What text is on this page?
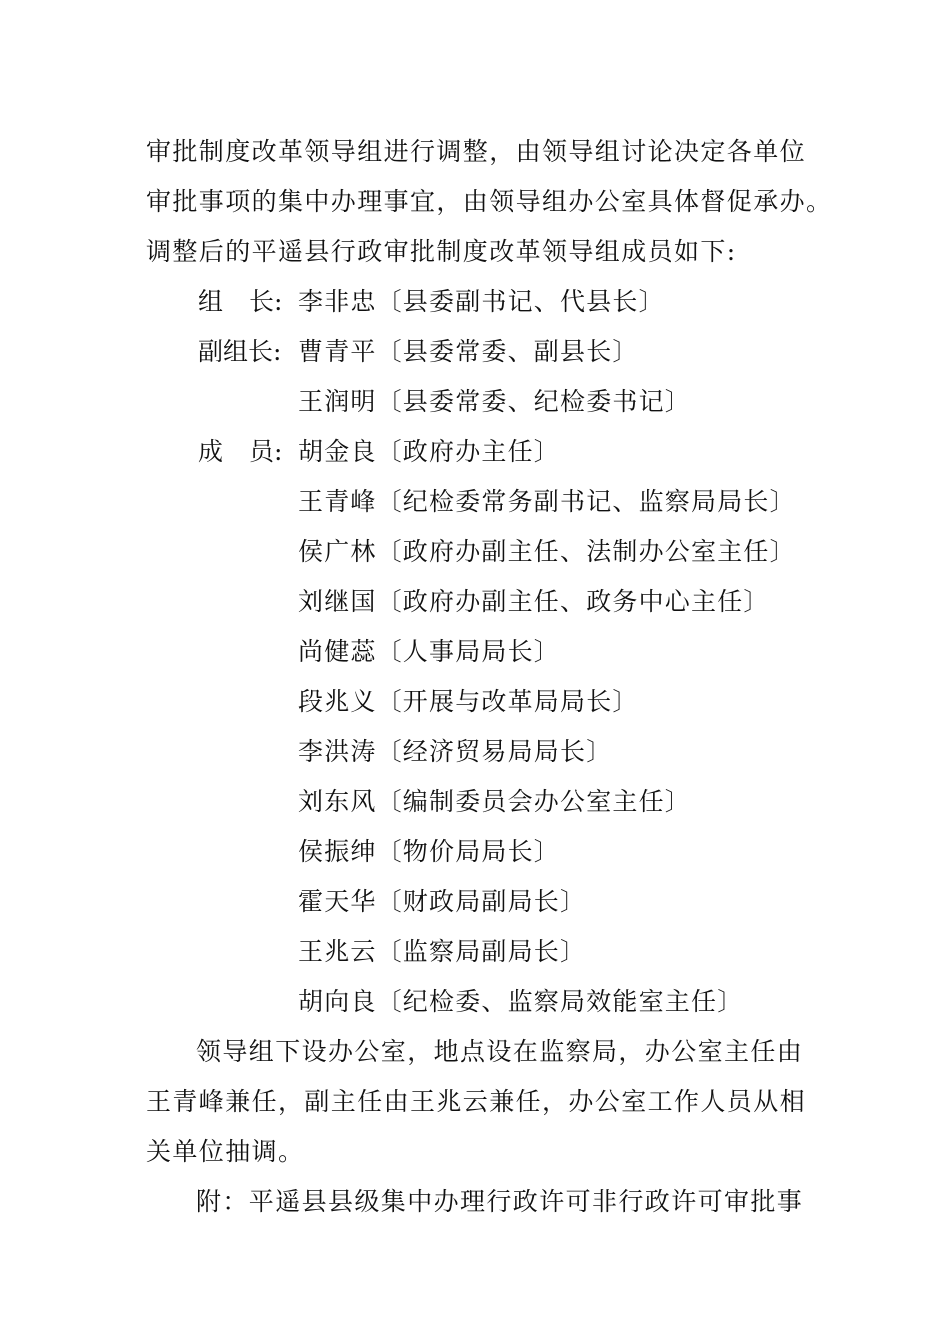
审批制度改革领导组进行调整，由领导组讨论决定各单位
审批事项的集中办理事宜，由领导组办公室具体督促承办。
调整后的平遥县行政审批制度改革领导组成员如下:
组 长: 李非忠〔县委副书记、代县长〕
副组长: 曹青平〔县委常委、副县长〕
王润明〔县委常委、纪检委书记〕
成 员: 胡金良〔政府办主任〕
王青峰〔纪检委常务副书记、监察局局长〕
侯广林〔政府办副主任、法制办公室主任〕
刘继国〔政府办副主任、政务中心主任〕
尚健蕊〔人事局局长〕
段兆义〔开展与改革局局长〕
李洪涛〔经济贸易局局长〕
刘东风〔编制委员会办公室主任〕
侯振绅〔物价局局长〕
霍天华〔财政局副局长〕
王兆云〔监察局副局长〕
胡向良〔纪检委、监察局效能室主任〕
领导组下设办公室，地点设在监察局，办公室主任由
王青峰兼任，副主任由王兆云兼任，办公室工作人员从相
关单位抽调。
附：平遥县县级集中办理行政许可非行政许可审批事
